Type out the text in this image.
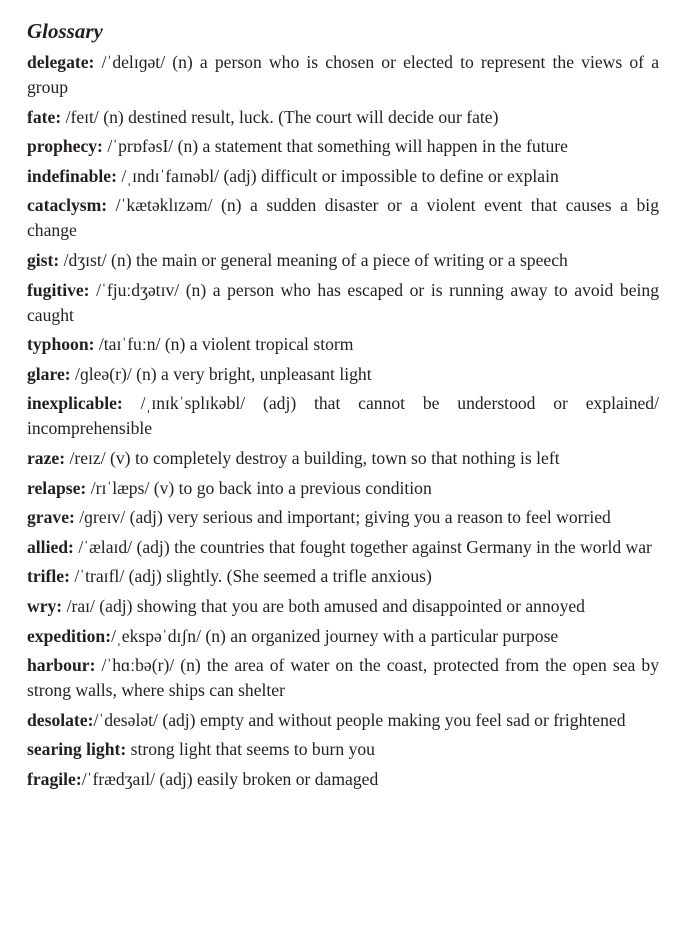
Glossary

delegate: /ˈdelɪɡət/ (n) a person who is chosen or elected to represent the views of a group

fate: /feɪt/ (n) destined result, luck. (The court will decide our fate)

prophecy: /ˈprɒfəsI/ (n) a statement that something will happen in the future

indefinable: /ˌɪndɪˈfaɪnəbl/ (adj) difficult or impossible to define or explain

cataclysm: /ˈkætəklɪzəm/ (n) a sudden disaster or a violent event that causes a big change

gist: /dʒɪst/ (n) the main or general meaning of a piece of writing or a speech

fugitive: /ˈfjuːdʒətɪv/ (n) a person who has escaped or is running away to avoid being caught

typhoon: /taɪˈfuːn/ (n) a violent tropical storm

glare: /ɡleə(r)/ (n) a very bright, unpleasant light

inexplicable: /ˌɪnɪkˈsplɪkəbl/ (adj) that cannot be understood or explained/ incomprehensible

raze: /reɪz/ (v) to completely destroy a building, town so that nothing is left

relapse: /rɪˈlæps/ (v) to go back into a previous condition

grave: /ɡreɪv/ (adj) very serious and important; giving you a reason to feel worried

allied: /ˈælaɪd/ (adj) the countries that fought together against Germany in the world war

trifle: /ˈtraɪfl/ (adj) slightly. (She seemed a trifle anxious)

wry: /raɪ/ (adj) showing that you are both amused and disappointed or annoyed

expedition:/ˌekspəˈdɪʃn/ (n) an organized journey with a particular purpose

harbour: /ˈhɑːbə(r)/ (n) the area of water on the coast, protected from the open sea by strong walls, where ships can shelter

desolate:/ˈdesələt/ (adj) empty and without people making you feel sad or frightened

searing light: strong light that seems to burn you

fragile:/ˈfrædʒaɪl/ (adj) easily broken or damaged
